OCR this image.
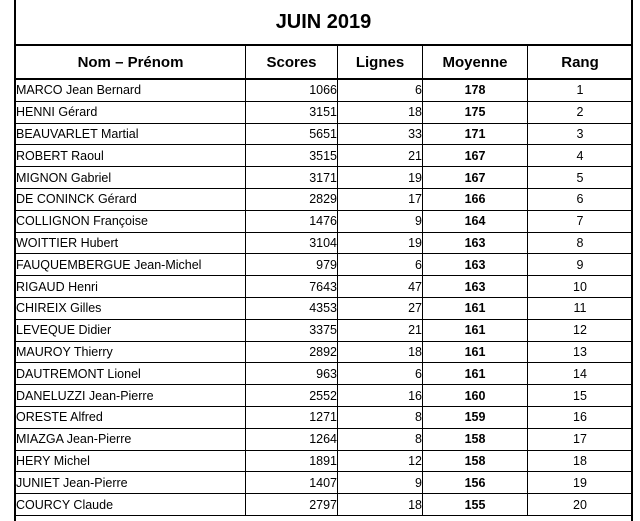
JUIN 2019
Nom – Prénom	Scores	Lignes	Moyenne	Rang
MARCO Jean Bernard	1066	6	178	1
HENNI Gérard	3151	18	175	2
BEAUVARLET Martial	5651	33	171	3
ROBERT Raoul	3515	21	167	4
MIGNON Gabriel	3171	19	167	5
DE CONINCK Gérard	2829	17	166	6
COLLIGNON Françoise	1476	9	164	7
WOITTIER Hubert	3104	19	163	8
FAUQUEMBERGUE Jean-Michel	979	6	163	9
RIGAUD Henri	7643	47	163	10
CHIREIX Gilles	4353	27	161	11
LEVEQUE Didier	3375	21	161	12
MAUROY Thierry	2892	18	161	13
DAUTREMONT Lionel	963	6	161	14
DANELUZZI Jean-Pierre	2552	16	160	15
ORESTE Alfred	1271	8	159	16
MIAZGA Jean-Pierre	1264	8	158	17
HERY Michel	1891	12	158	18
JUNIET Jean-Pierre	1407	9	156	19
COURCY Claude	2797	18	155	20
